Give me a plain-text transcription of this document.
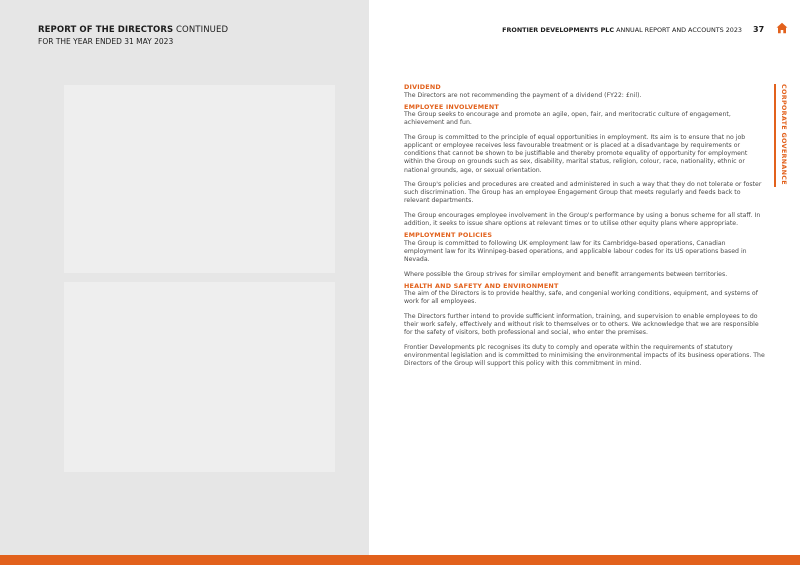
REPORT OF THE DIRECTORS CONTINUED
FOR THE YEAR ENDED 31 MAY 2023
FRONTIER DEVELOPMENTS PLC ANNUAL REPORT AND ACCOUNTS 2023 37
CORPORATE GOVERNANCE
DIVIDEND

The Directors are not recommending the payment of a dividend (FY22: £nil).

EMPLOYEE INVOLVEMENT

The Group seeks to encourage and promote an agile, open, fair, and meritocratic culture of engagement, achievement and fun.

The Group is committed to the principle of equal opportunities in employment. Its aim is to ensure that no job applicant or employee receives less favourable treatment or is placed at a disadvantage by requirements or conditions that cannot be shown to be justifiable and thereby promote equality of opportunity for employment within the Group on grounds such as sex, disability, marital status, religion, colour, race, nationality, ethnic or national grounds, age, or sexual orientation.

The Group's policies and procedures are created and administered in such a way that they do not tolerate or foster such discrimination. The Group has an employee Engagement Group that meets regularly and feeds back to relevant departments.

The Group encourages employee involvement in the Group's performance by using a bonus scheme for all staff. In addition, it seeks to issue share options at relevant times or to utilise other equity plans where appropriate.

EMPLOYMENT POLICIES

The Group is committed to following UK employment law for its Cambridge-based operations, Canadian employment law for its Winnipeg-based operations, and applicable labour codes for its US operations based in Nevada.

Where possible the Group strives for similar employment and benefit arrangements between territories.

HEALTH AND SAFETY AND ENVIRONMENT

The aim of the Directors is to provide healthy, safe, and congenial working conditions, equipment, and systems of work for all employees.

The Directors further intend to provide sufficient information, training, and supervision to enable employees to do their work safely, effectively and without risk to themselves or to others. We acknowledge that we are responsible for the safety of visitors, both professional and social, who enter the premises.

Frontier Developments plc recognises its duty to comply and operate within the requirements of statutory environmental legislation and is committed to minimising the environmental impacts of its business operations. The Directors of the Group will support this policy with this commitment in mind.
